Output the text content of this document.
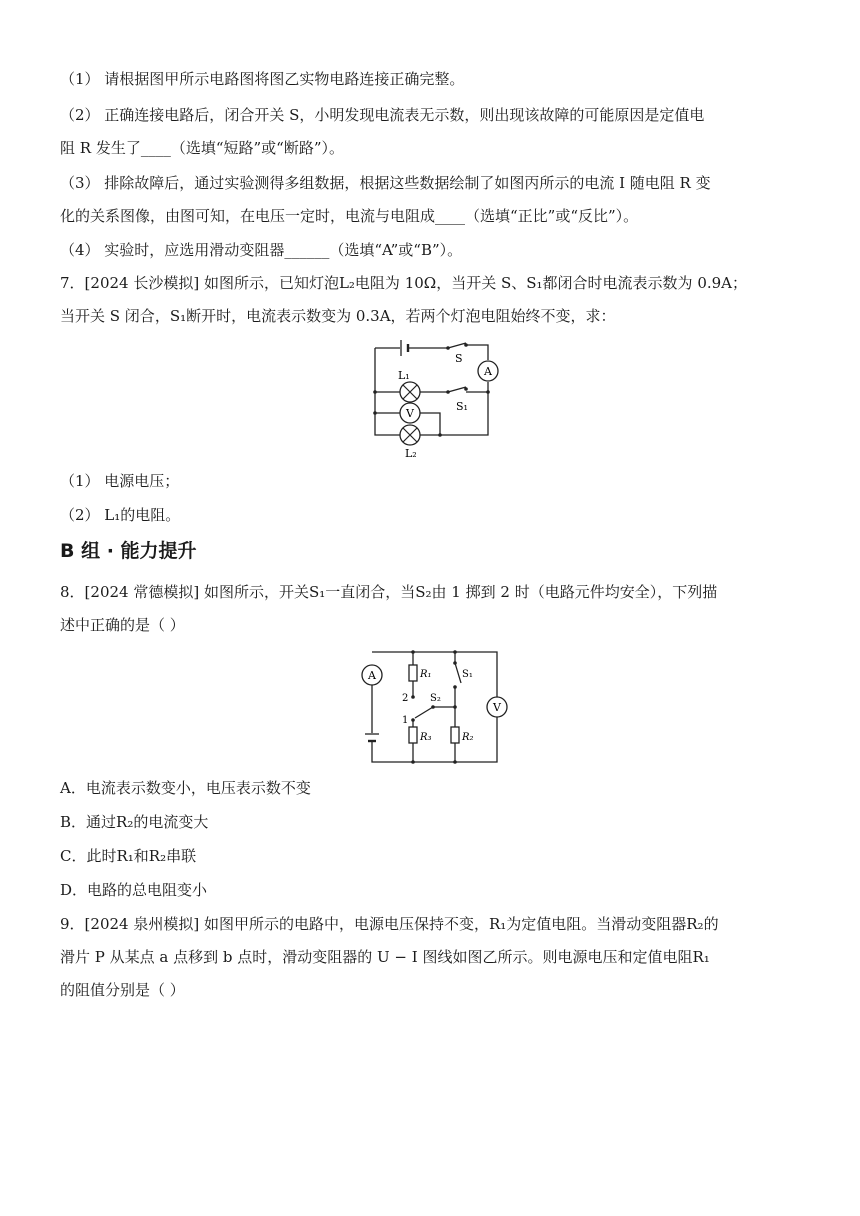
（1） 请根据图甲所示电路图将图乙实物电路连接正确完整。
（2） 正确连接电路后，闭合开关 S，小明发现电流表无示数，则出现该故障的可能原因是定值电
阻 R 发生了____（选填“短路”或“断路”）。
（3） 排除故障后，通过实验测得多组数据，根据这些数据绘制了如图丙所示的电流 I 随电阻 R 变
化的关系图像，由图可知，在电压一定时，电流与电阻成____（选填“正比”或“反比”）。
（4） 实验时，应选用滑动变阻器______（选填“A”或“B”）。
7．[2024 长沙模拟] 如图所示，已知灯泡L₂电阻为 10Ω，当开关 S、S₁都闭合时电流表示数为 0.9A；
当开关 S 闭合，S₁断开时，电流表示数变为 0.3A，若两个灯泡电阻始终不变，求：
A
V
S
L₁
S₁
L₂
（1） 电源电压；
（2） L₁的电阻。
B 组 · 能力提升
8．[2024 常德模拟] 如图所示，开关S₁一直闭合，当S₂由 1 掷到 2 时（电路元件均安全），下列描
述中正确的是（ ）
A
V
R₁
2 S₂
1
R₃	R₂
S₁
A．电流表示数变小，电压表示数不变
B．通过R₂的电流变大
C．此时R₁和R₂串联
D．电路的总电阻变小
9．[2024 泉州模拟] 如图甲所示的电路中，电源电压保持不变，R₁为定值电阻。当滑动变阻器R₂的
滑片 P 从某点 a 点移到 b 点时，滑动变阻器的 U − I 图线如图乙所示。则电源电压和定值电阻R₁
的阻值分别是（ ）
